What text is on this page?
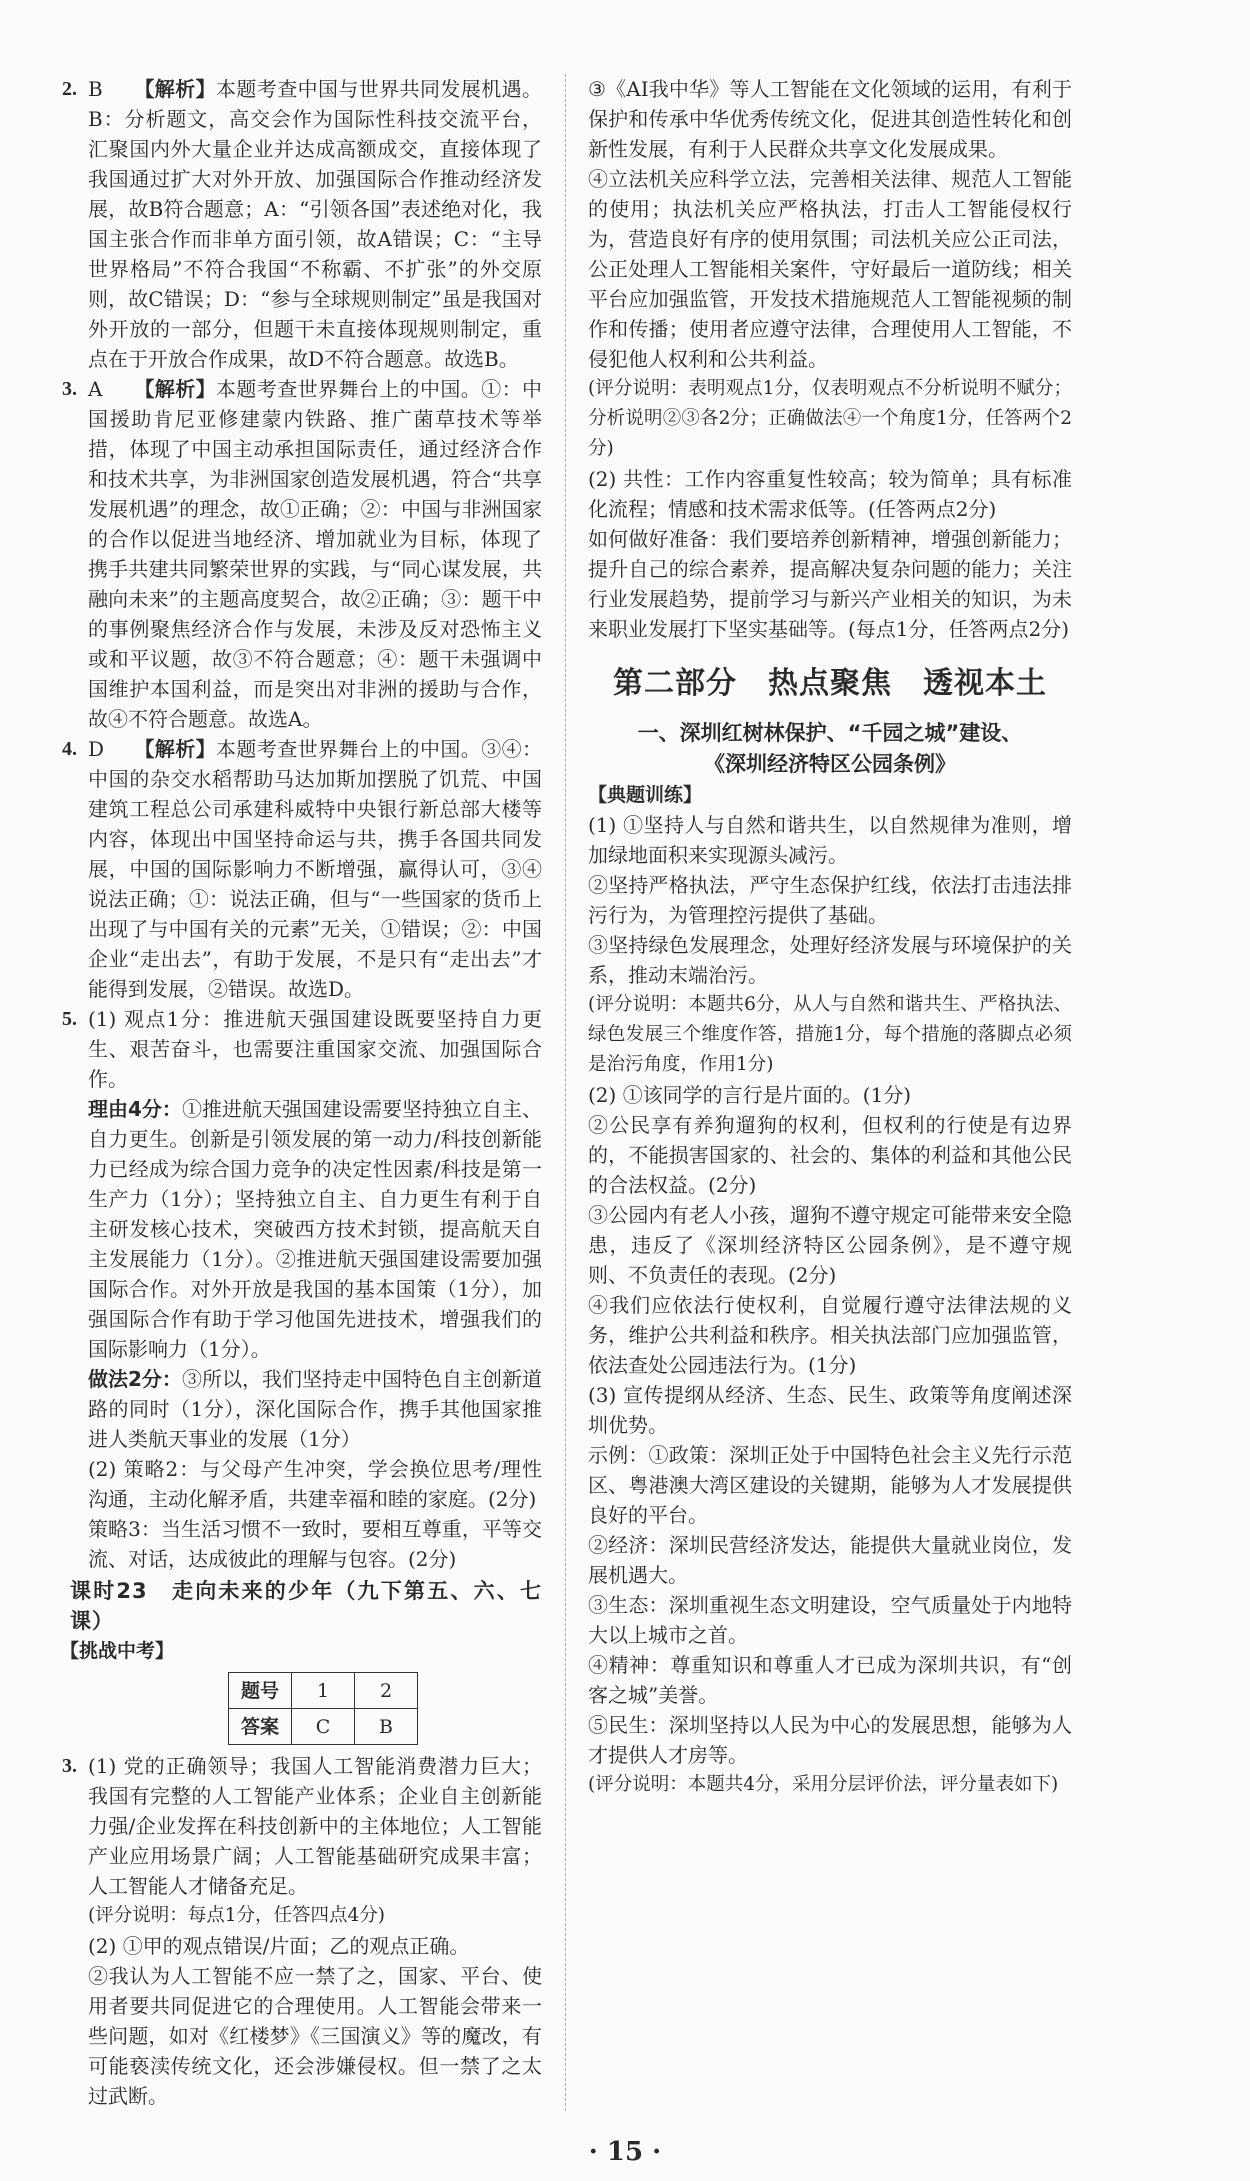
2. B 【解析】本题考查中国与世界共同发展机遇。B：分析题文，高交会作为国际性科技交流平台，汇聚国内外大量企业并达成高额成交，直接体现了我国通过扩大对外开放、加强国际合作推动经济发展，故B符合题意；A：“引领各国”表述绝对化，我国主张合作而非单方面引领，故A错误；C：“主导世界格局”不符合我国“不称霸、不扩张”的外交原则，故C错误；D：“参与全球规则制定”虽是我国对外开放的一部分，但题干未直接体现规则制定，重点在于开放合作成果，故D不符合题意。故选B。

3. A 【解析】本题考查世界舞台上的中国。①：中国援助肯尼亚修建蒙内铁路、推广菌草技术等举措，体现了中国主动承担国际责任，通过经济合作和技术共享，为非洲国家创造发展机遇，符合“共享发展机遇”的理念，故①正确；②：中国与非洲国家的合作以促进当地经济、增加就业为目标，体现了携手共建共同繁荣世界的实践，与“同心谋发展，共融向未来”的主题高度契合，故②正确；③：题干中的事例聚焦经济合作与发展，未涉及反对恐怖主义或和平议题，故③不符合题意；④：题干未强调中国维护本国利益，而是突出对非洲的援助与合作，故④不符合题意。故选A。

4. D 【解析】本题考查世界舞台上的中国。③④：中国的杂交水稻帮助马达加斯加摆脱了饥荒、中国建筑工程总公司承建科威特中央银行新总部大楼等内容，体现出中国坚持命运与共，携手各国共同发展，中国的国际影响力不断增强，赢得认可，③④说法正确；①：说法正确，但与“一些国家的货币上出现了与中国有关的元素”无关，①错误；②：中国企业“走出去”，有助于发展，不是只有“走出去”才能得到发展，②错误。故选D。

5. (1) 观点1分：推进航天强国建设既要坚持自力更生、艰苦奋斗，也需要注重国家交流、加强国际合作。

理由4分：①推进航天强国建设需要坚持独立自主、自力更生。创新是引领发展的第一动力/科技创新能力已经成为综合国力竞争的决定性因素/科技是第一生产力（1分）；坚持独立自主、自力更生有利于自主研发核心技术，突破西方技术封锁，提高航天自主发展能力（1分）。②推进航天强国建设需要加强国际合作。对外开放是我国的基本国策（1分），加强国际合作有助于学习他国先进技术，增强我们的国际影响力（1分）。

做法2分：③所以，我们坚持走中国特色自主创新道路的同时（1分），深化国际合作，携手其他国家推进人类航天事业的发展（1分）

(2) 策略2：与父母产生冲突，学会换位思考/理性沟通，主动化解矛盾，共建幸福和睦的家庭。(2分)

策略3：当生活习惯不一致时，要相互尊重，平等交流、对话，达成彼此的理解与包容。(2分)

课时23　走向未来的少年（九下第五、六、七课）

【挑战中考】

题号	1	2
答案	C	B

3. (1) 党的正确领导；我国人工智能消费潜力巨大；我国有完整的人工智能产业体系；企业自主创新能力强/企业发挥在科技创新中的主体地位；人工智能产业应用场景广阔；人工智能基础研究成果丰富；人工智能人才储备充足。

(评分说明：每点1分，任答四点4分)

(2) ①甲的观点错误/片面；乙的观点正确。

②我认为人工智能不应一禁了之，国家、平台、使用者要共同促进它的合理使用。人工智能会带来一些问题，如对《红楼梦》《三国演义》等的魔改，有可能亵渎传统文化，还会涉嫌侵权。但一禁了之太过武断。

③《AI我中华》等人工智能在文化领域的运用，有利于保护和传承中华优秀传统文化，促进其创造性转化和创新性发展，有利于人民群众共享文化发展成果。

④立法机关应科学立法，完善相关法律、规范人工智能的使用；执法机关应严格执法，打击人工智能侵权行为，营造良好有序的使用氛围；司法机关应公正司法，公正处理人工智能相关案件，守好最后一道防线；相关平台应加强监管，开发技术措施规范人工智能视频的制作和传播；使用者应遵守法律，合理使用人工智能，不侵犯他人权利和公共利益。

(评分说明：表明观点1分，仅表明观点不分析说明不赋分；分析说明②③各2分；正确做法④一个角度1分，任答两个2分)

(2) 共性：工作内容重复性较高；较为简单；具有标准化流程；情感和技术需求低等。(任答两点2分)

如何做好准备：我们要培养创新精神，增强创新能力；提升自己的综合素养，提高解决复杂问题的能力；关注行业发展趋势，提前学习与新兴产业相关的知识，为未来职业发展打下坚实基础等。(每点1分，任答两点2分)

第二部分　热点聚焦　透视本土

一、深圳红树林保护、“千园之城”建设、

《深圳经济特区公园条例》

【典题训练】

(1) ①坚持人与自然和谐共生，以自然规律为准则，增加绿地面积来实现源头减污。

②坚持严格执法，严守生态保护红线，依法打击违法排污行为，为管理控污提供了基础。

③坚持绿色发展理念，处理好经济发展与环境保护的关系，推动末端治污。

(评分说明：本题共6分，从人与自然和谐共生、严格执法、绿色发展三个维度作答，措施1分，每个措施的落脚点必须是治污角度，作用1分)

(2) ①该同学的言行是片面的。(1分)

②公民享有养狗遛狗的权利，但权利的行使是有边界的，不能损害国家的、社会的、集体的利益和其他公民的合法权益。(2分)

③公园内有老人小孩，遛狗不遵守规定可能带来安全隐患，违反了《深圳经济特区公园条例》，是不遵守规则、不负责任的表现。(2分)

④我们应依法行使权利，自觉履行遵守法律法规的义务，维护公共利益和秩序。相关执法部门应加强监管，依法查处公园违法行为。(1分)

(3) 宣传提纲从经济、生态、民生、政策等角度阐述深圳优势。

示例：①政策：深圳正处于中国特色社会主义先行示范区、粤港澳大湾区建设的关键期，能够为人才发展提供良好的平台。

②经济：深圳民营经济发达，能提供大量就业岗位，发展机遇大。

③生态：深圳重视生态文明建设，空气质量处于内地特大以上城市之首。

④精神：尊重知识和尊重人才已成为深圳共识，有“创客之城”美誉。

⑤民生：深圳坚持以人民为中心的发展思想，能够为人才提供人才房等。

(评分说明：本题共4分，采用分层评价法，评分量表如下)

· 15 ·
